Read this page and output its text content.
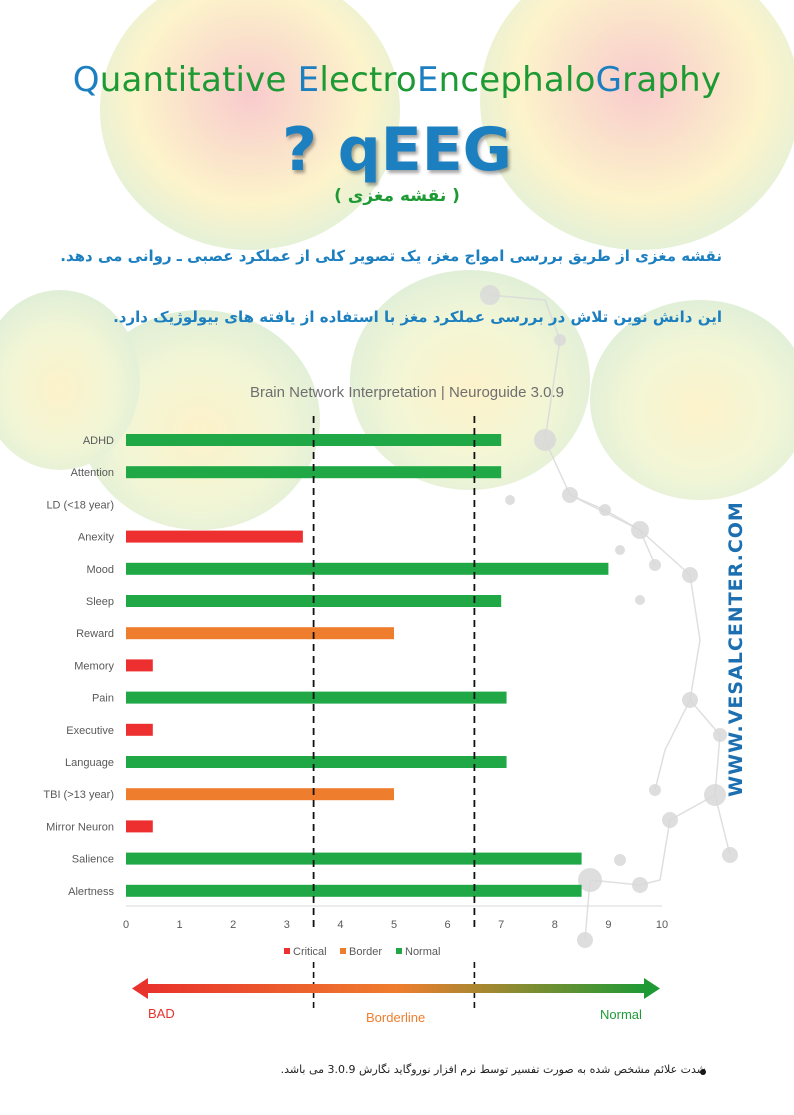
Quantitative ElectroEncephaloGraphy
? qEEG
( نقشه مغزی )
نقشه مغزی از طریق بررسی امواج مغز، یک تصویر کلی از عملکرد عصبی ـ روانی می دهد.
این دانش نوین تلاش در بررسی عملکرد مغز با استفاده از یافته های بیولوژیک دارد.
Brain Network Interpretation | Neuroguide 3.0.9
ADHD
Attention
LD (<18 year)
Anexity
Mood
Sleep
Reward
Memory
Pain
Executive
Language
TBI (>13 year)
Mirror Neuron
Salience
Alertness
0	1	2	3	4	5	6	7	8	9	10
Critical Border Normal
WWW.VESALCENTER.COM
BAD	Borderline	Normal
شدت علائم مشخص شده به صورت تفسیر توسط نرم افزار نوروگاید نگارش 3.0.9 می باشد.
